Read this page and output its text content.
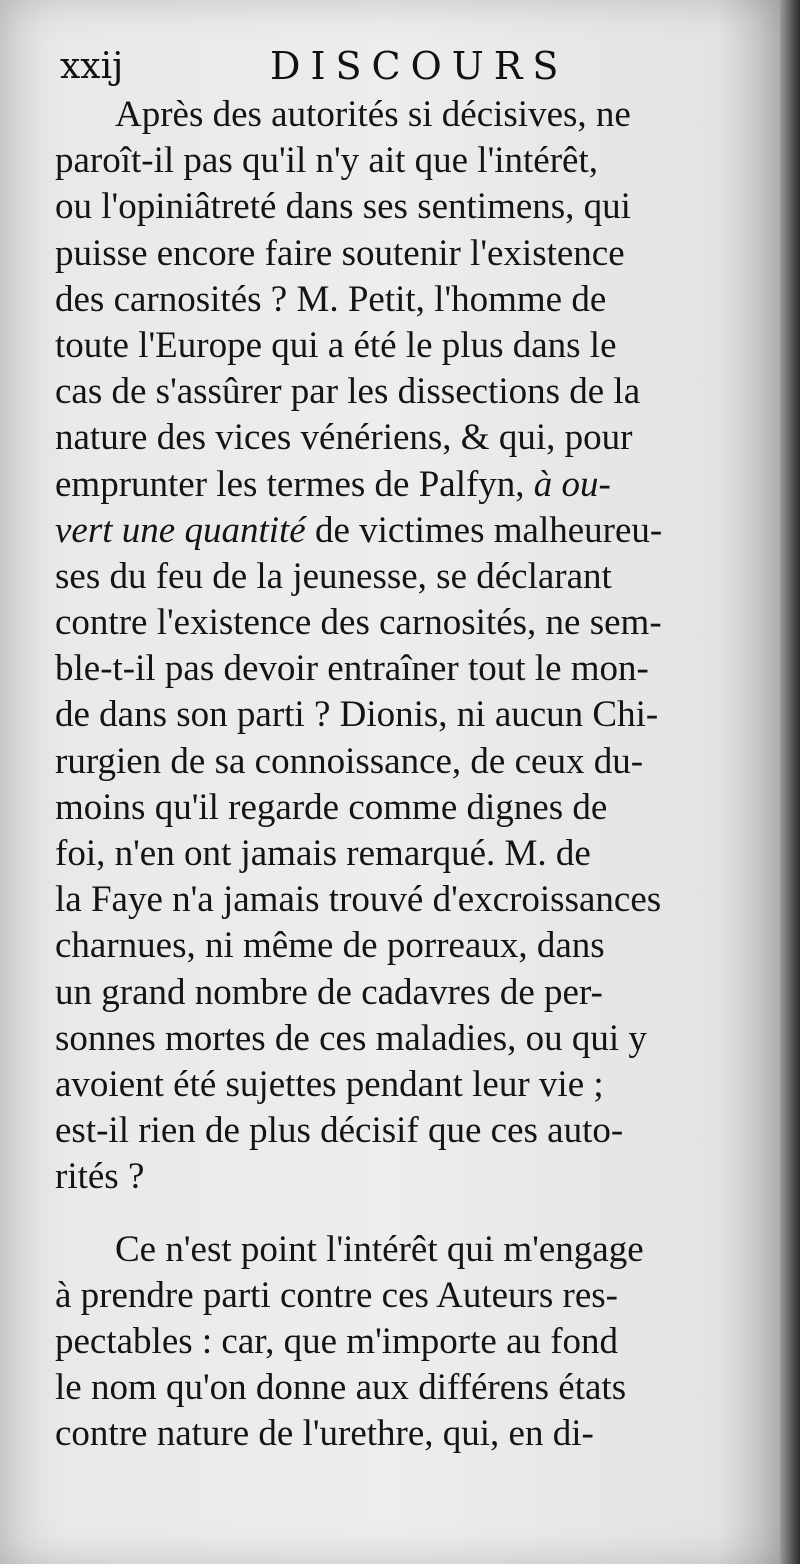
xxij	DISCOURS
Après des autorités si décisives, ne
paroît-il pas qu'il n'y ait que l'intérêt,
ou l'opiniâtreté dans ses sentimens, qui
puisse encore faire soutenir l'existence
des carnosités ? M. Petit, l'homme de
toute l'Europe qui a été le plus dans le
cas de s'assûrer par les dissections de la
nature des vices vénériens, & qui, pour
emprunter les termes de Palfyn, à ou-
vert une quantité de victimes malheureu-
ses du feu de la jeunesse, se déclarant
contre l'existence des carnosités, ne sem-
ble-t-il pas devoir entraîner tout le mon-
de dans son parti ? Dionis, ni aucun Chi-
rurgien de sa connoissance, de ceux du-
moins qu'il regarde comme dignes de
foi, n'en ont jamais remarqué. M. de
la Faye n'a jamais trouvé d'excroissances
charnues, ni même de porreaux, dans
un grand nombre de cadavres de per-
sonnes mortes de ces maladies, ou qui y
avoient été sujettes pendant leur vie ;
est-il rien de plus décisif que ces auto-
rités ?
Ce n'est point l'intérêt qui m'engage
à prendre parti contre ces Auteurs res-
pectables : car, que m'importe au fond
le nom qu'on donne aux différens états
contre nature de l'urethre, qui, en di-
